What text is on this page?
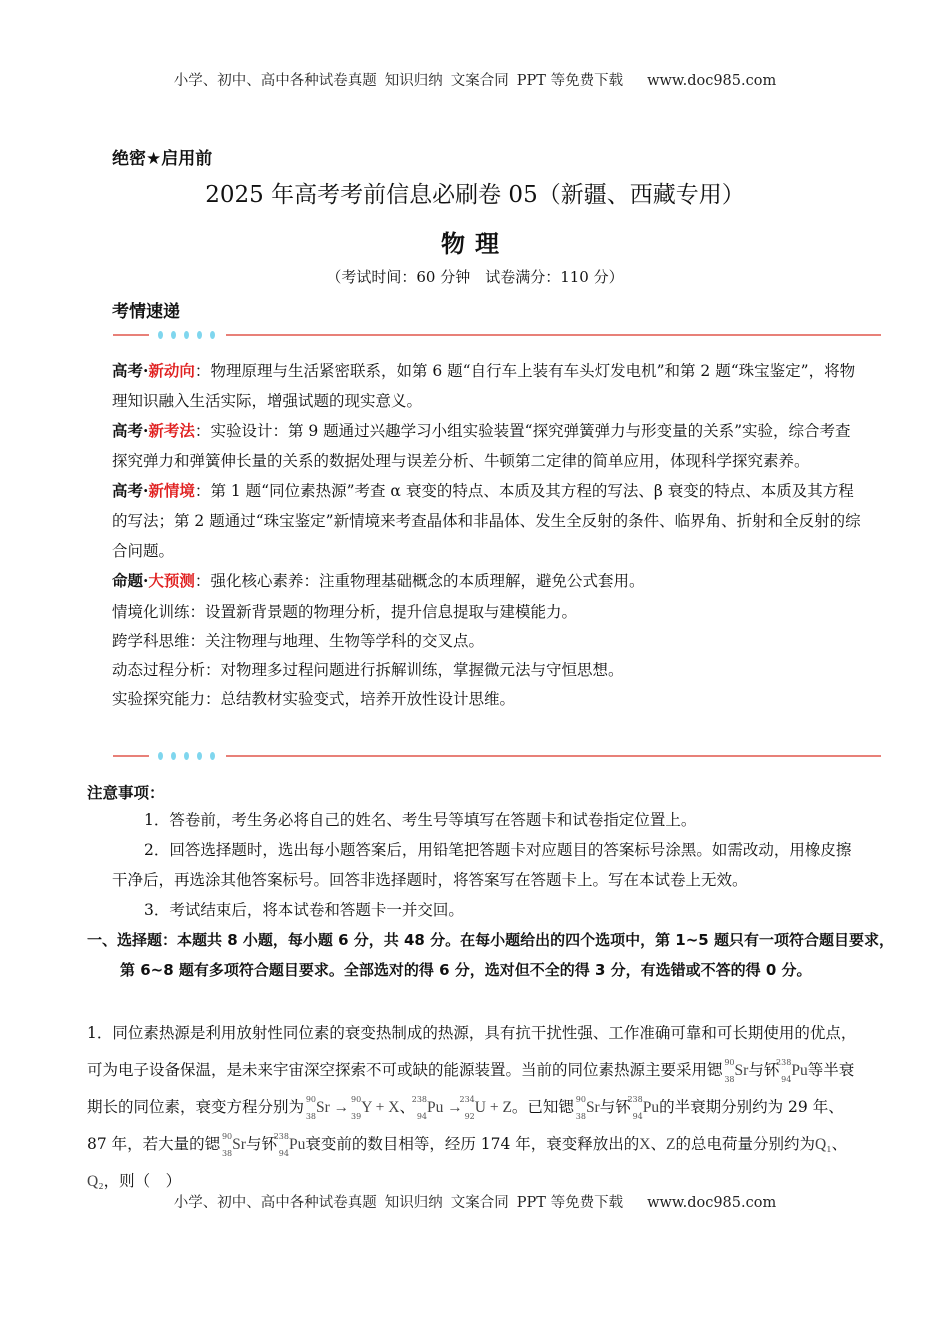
小学、初中、高中各种试卷真题 知识归纳 文案合同 PPT 等免费下载 www.doc985.com
绝密★启用前
2025 年高考考前信息必刷卷 05（新疆、西藏专用）
物理
（考试时间：60 分钟　试卷满分：110 分）
考情速递
高考·新动向：物理原理与生活紧密联系，如第 6 题“自行车上装有车头灯发电机”和第 2 题“珠宝鉴定”，将物理知识融入生活实际，增强试题的现实意义。
高考·新考法：实验设计：第 9 题通过兴趣学习小组实验装置“探究弹簧弹力与形变量的关系”实验，综合考查探究弹力和弹簧伸长量的关系的数据处理与误差分析、牛顿第二定律的简单应用，体现科学探究素养。
高考·新情境：第 1 题“同位素热源”考查 α 衰变的特点、本质及其方程的写法、β 衰变的特点、本质及其方程的写法；第 2 题通过“珠宝鉴定”新情境来考查晶体和非晶体、发生全反射的条件、临界角、折射和全反射的综合问题。
命题·大预测：强化核心素养：注重物理基础概念的本质理解，避免公式套用。
情境化训练：设置新背景题的物理分析，提升信息提取与建模能力。
跨学科思维：关注物理与地理、生物等学科的交叉点。
动态过程分析：对物理多过程问题进行拆解训练，掌握微元法与守恒思想。
实验探究能力：总结教材实验变式，培养开放性设计思维。
注意事项：
1．答卷前，考生务必将自己的姓名、考生号等填写在答题卡和试卷指定位置上。
2．回答选择题时，选出每小题答案后，用铅笔把答题卡对应题目的答案标号涂黑。如需改动，用橡皮擦干净后，再选涂其他答案标号。回答非选择题时，将答案写在答题卡上。写在本试卷上无效。
3．考试结束后，将本试卷和答题卡一并交回。
一、选择题：本题共 8 小题，每小题 6 分，共 48 分。在每小题给出的四个选项中，第 1~5 题只有一项符合题目要求，第 6~8 题有多项符合题目要求。全部选对的得 6 分，选对但不全的得 3 分，有选错或不答的得 0 分。
1．同位素热源是利用放射性同位素的衰变热制成的热源，具有抗干扰性强、工作准确可靠和可长期使用的优点，可为电子设备保温，是未来宇宙深空探索不可或缺的能源装置。当前的同位素热源主要采用锶 90
38
Sr与钚
238
94
Pu等半衰期长的同位素，衰变方程分别为 90
38
Sr → 90
39
Y + X、
238
94
Pu →
234
92
U + Z。已知锶 90
38
Sr与钚
238
94
Pu的半衰期分别约为 29 年、87 年，若大量的锶 90
38
Sr与钚
238
94
Pu衰变前的数目相等，经历 174 年，衰变释放出的X、Z的总电荷量分别约为Q₁、Q₂，则（　）
小学、初中、高中各种试卷真题 知识归纳 文案合同 PPT 等免费下载 www.doc985.com
